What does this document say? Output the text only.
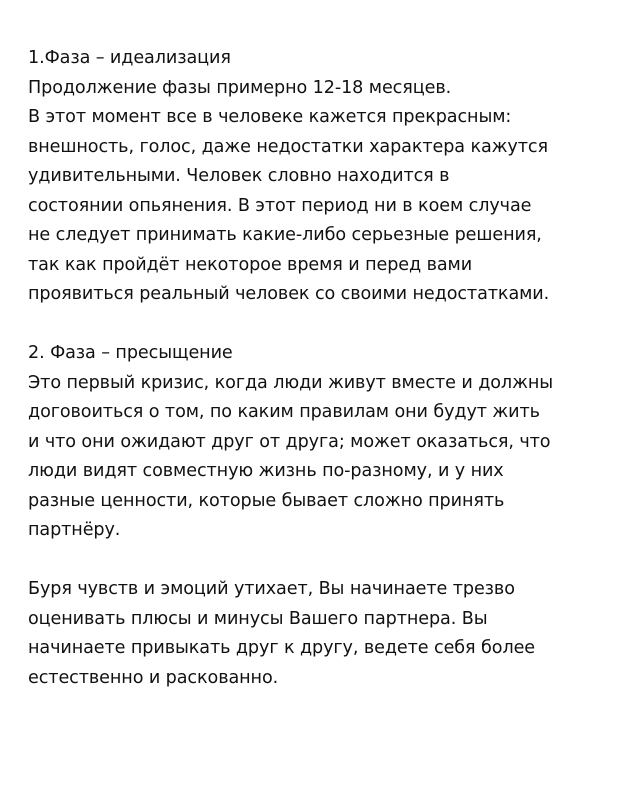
1.Фаза – идеализация
Продолжение фазы примерно 12-18 месяцев.
В этот момент все в человеке кажется прекрасным:
внешность, голос, даже недостатки характера кажутся
удивительными. Человек словно находится в
состоянии опьянения. В этот период ни в коем случае
не следует принимать какие-либо серьезные решения,
так как пройдёт некоторое время и перед вами
проявиться реальный человек со своими недостатками.
2. Фаза – пресыщение
Это первый кризис, когда люди живут вместе и должны
договоиться о том, по каким правилам они будут жить
и что они ожидают друг от друга; может оказаться, что
люди видят совместную жизнь по-разному, и у них
разные ценности, которые бывает сложно принять
партнёру.
Буря чувств и эмоций утихает, Вы начинаете трезво
оценивать плюсы и минусы Вашего партнера. Вы
начинаете привыкать друг к другу, ведете себя более
естественно и раскованно.
